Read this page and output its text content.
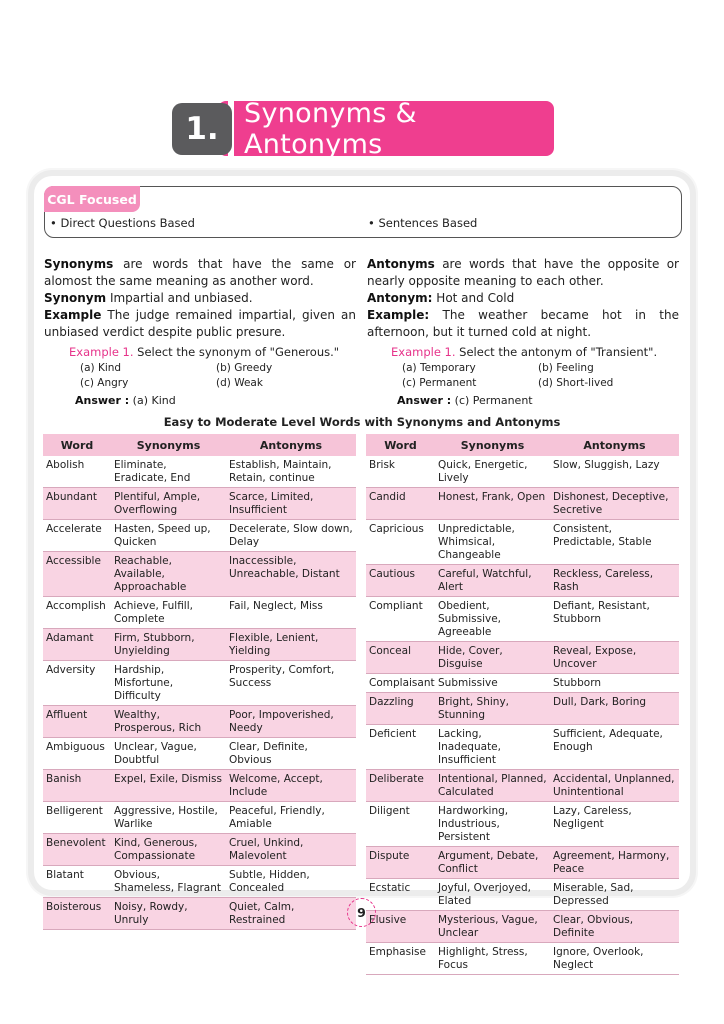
1. Synonyms & Antonyms
CGL Focused
• Direct Questions Based	• Sentences Based

Synonyms are words that have the same or alomost the same meaning as another word.

Synonym Impartial and unbiased.

Example The judge remained impartial, given an unbiased verdict despite public presure.

Example 1. Select the synonym of "Generous."
(a) Kind	(b) Greedy
(c) Angry	(d) Weak
Answer : (a) Kind

Antonyms are words that have the opposite or nearly opposite meaning to each other.

Antonym: Hot and Cold

Example: The weather became hot in the afternoon, but it turned cold at night.

Example 1. Select the antonym of "Transient".
(a) Temporary	(b) Feeling
(c) Permanent	(d) Short-lived
Answer : (c) Permanent
Easy to Moderate Level Words with Synonyms and Antonyms
Word	Synonyms	Antonyms
Abolish	Eliminate, Eradicate, End	Establish, Maintain, Retain, continue
Abundant	Plentiful, Ample, Overflowing	Scarce, Limited, Insufficient
Accelerate	Hasten, Speed up, Quicken	Decelerate, Slow down, Delay
Accessible	Reachable, Available, Approachable	Inaccessible, Unreachable, Distant
Accomplish	Achieve, Fulfill, Complete	Fail, Neglect, Miss
Adamant	Firm, Stubborn, Unyielding	Flexible, Lenient, Yielding
Adversity	Hardship, Misfortune, Difficulty	Prosperity, Comfort, Success
Affluent	Wealthy, Prosperous, Rich	Poor, Impoverished, Needy
Ambiguous	Unclear, Vague, Doubtful	Clear, Definite, Obvious
Banish	Expel, Exile, Dismiss	Welcome, Accept, Include
Belligerent	Aggressive, Hostile, Warlike	Peaceful, Friendly, Amiable
Benevolent	Kind, Generous, Compassionate	Cruel, Unkind, Malevolent
Blatant	Obvious, Shameless, Flagrant	Subtle, Hidden, Concealed
Boisterous	Noisy, Rowdy, Unruly	Quiet, Calm, Restrained
Word	Synonyms	Antonyms
Brisk	Quick, Energetic, Lively	Slow, Sluggish, Lazy
Candid	Honest, Frank, Open	Dishonest, Deceptive, Secretive
Capricious	Unpredictable, Whimsical, Changeable	Consistent, Predictable, Stable
Cautious	Careful, Watchful, Alert	Reckless, Careless, Rash
Compliant	Obedient, Submissive, Agreeable	Defiant, Resistant, Stubborn
Conceal	Hide, Cover, Disguise	Reveal, Expose, Uncover
Complaisant	Submissive	Stubborn
Dazzling	Bright, Shiny, Stunning	Dull, Dark, Boring
Deficient	Lacking, Inadequate, Insufficient	Sufficient, Adequate, Enough
Deliberate	Intentional, Planned, Calculated	Accidental, Unplanned, Unintentional
Diligent	Hardworking, Industrious, Persistent	Lazy, Careless, Negligent
Dispute	Argument, Debate, Conflict	Agreement, Harmony, Peace
Ecstatic	Joyful, Overjoyed, Elated	Miserable, Sad, Depressed
Elusive	Mysterious, Vague, Unclear	Clear, Obvious, Definite
Emphasise	Highlight, Stress, Focus	Ignore, Overlook, Neglect
9
